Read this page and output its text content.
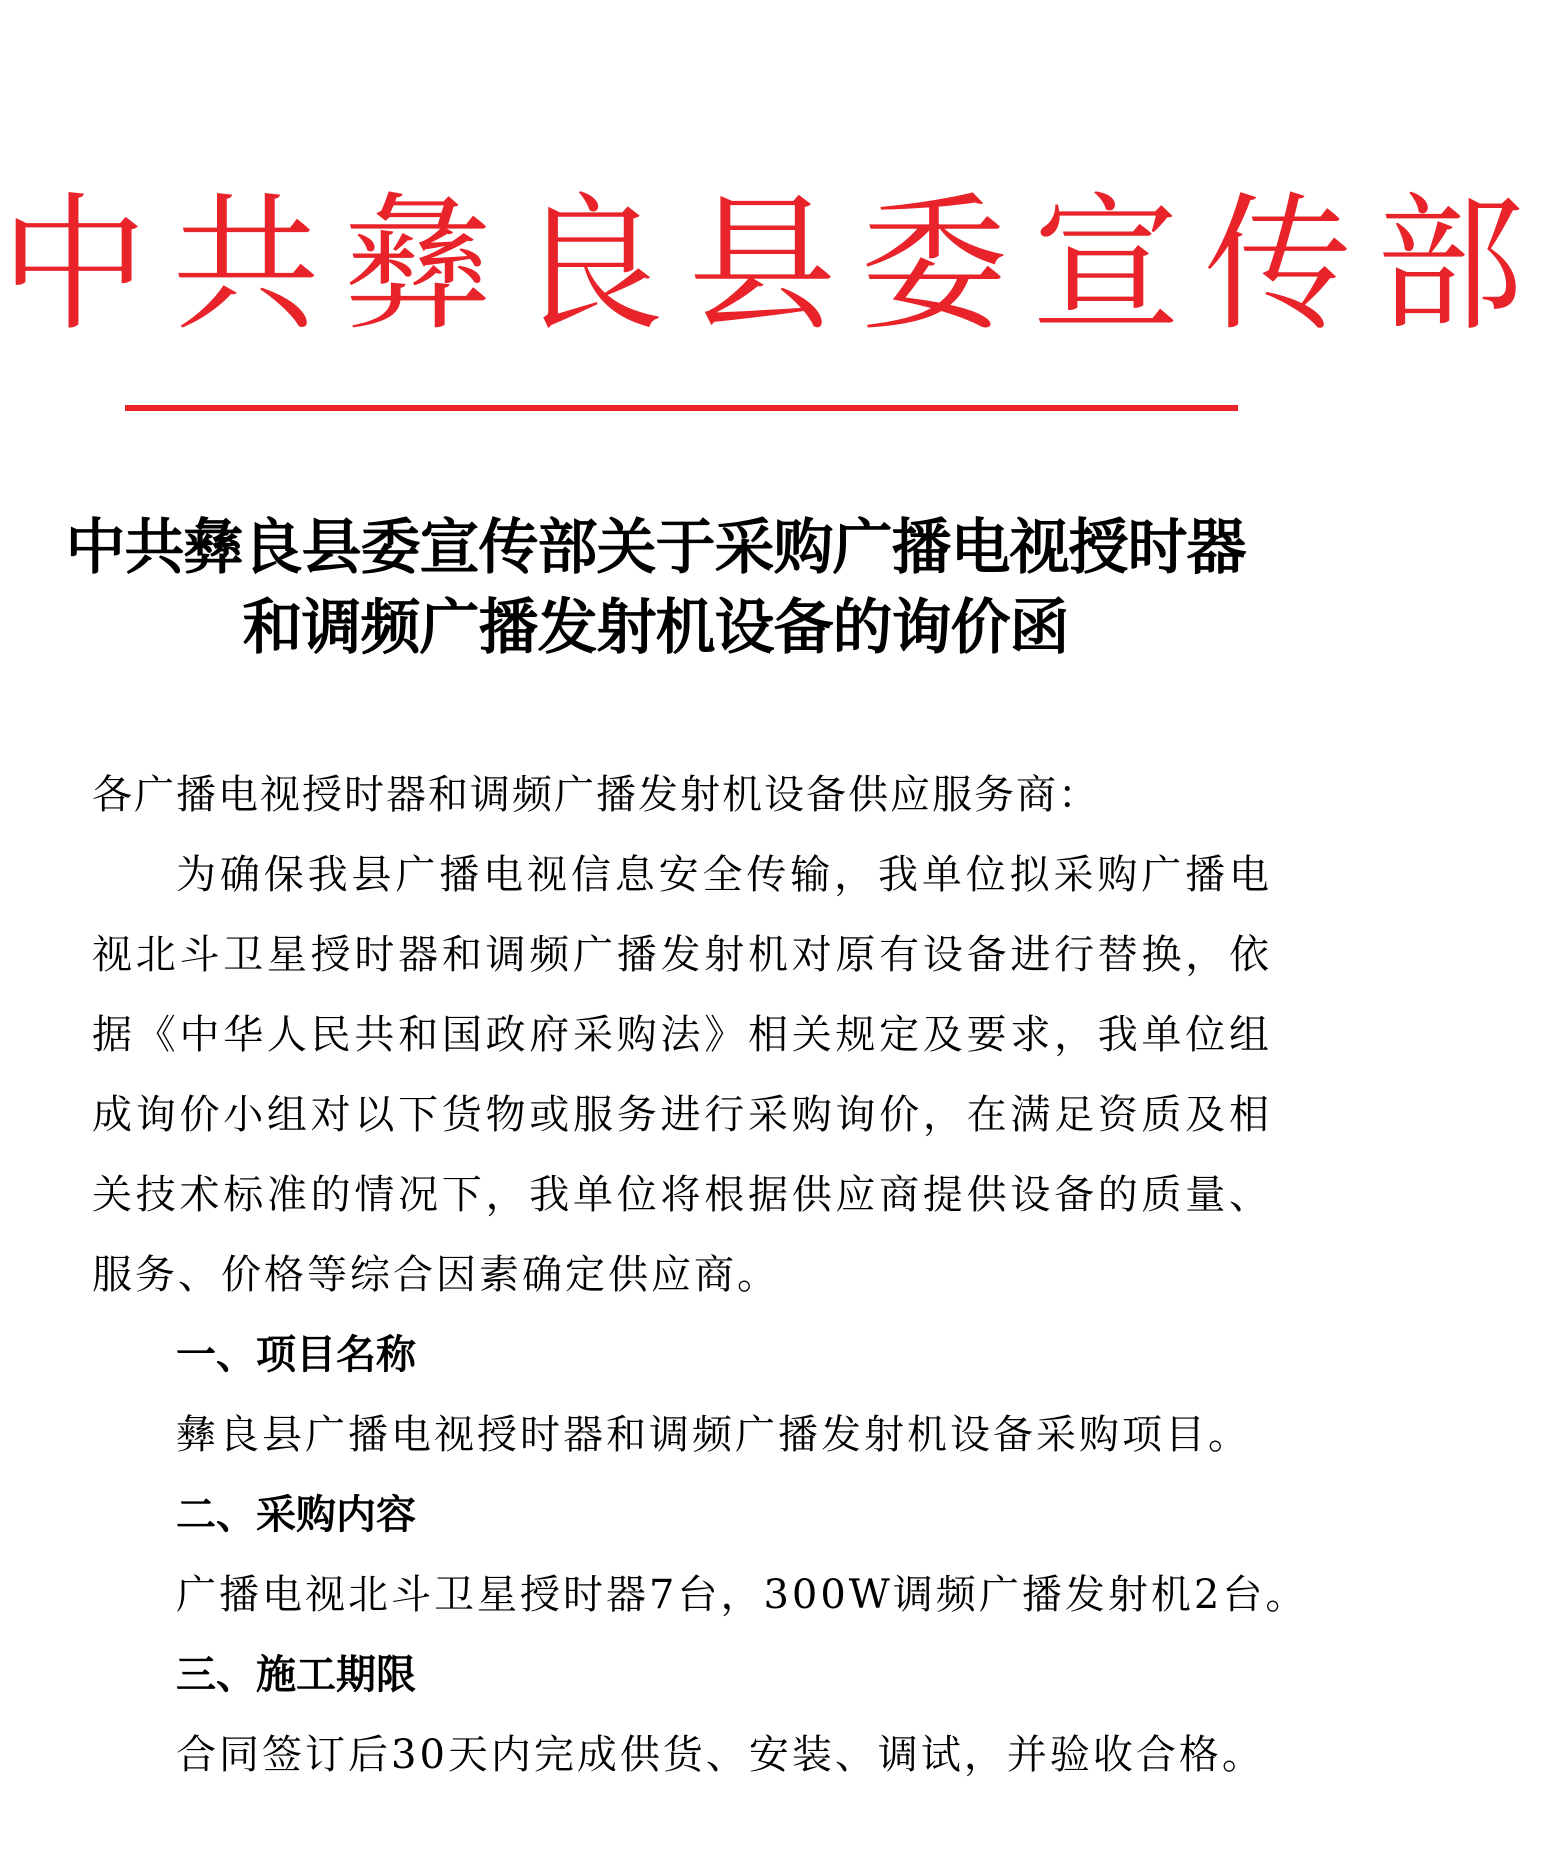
中共彝良县委宣传部
中共彝良县委宣传部关于采购广播电视授时器
和调频广播发射机设备的询价函
各广播电视授时器和调频广播发射机设备供应服务商：
为确保我县广播电视信息安全传输，我单位拟采购广播电视北斗卫星授时器和调频广播发射机对原有设备进行替换，依据《中华人民共和国政府采购法》相关规定及要求，我单位组成询价小组对以下货物或服务进行采购询价，在满足资质及相关技术标准的情况下，我单位将根据供应商提供设备的质量、服务、价格等综合因素确定供应商。
一、项目名称
彝良县广播电视授时器和调频广播发射机设备采购项目。
二、采购内容
广播电视北斗卫星授时器7台，300W调频广播发射机2台。
三、施工期限
合同签订后30天内完成供货、安装、调试，并验收合格。
